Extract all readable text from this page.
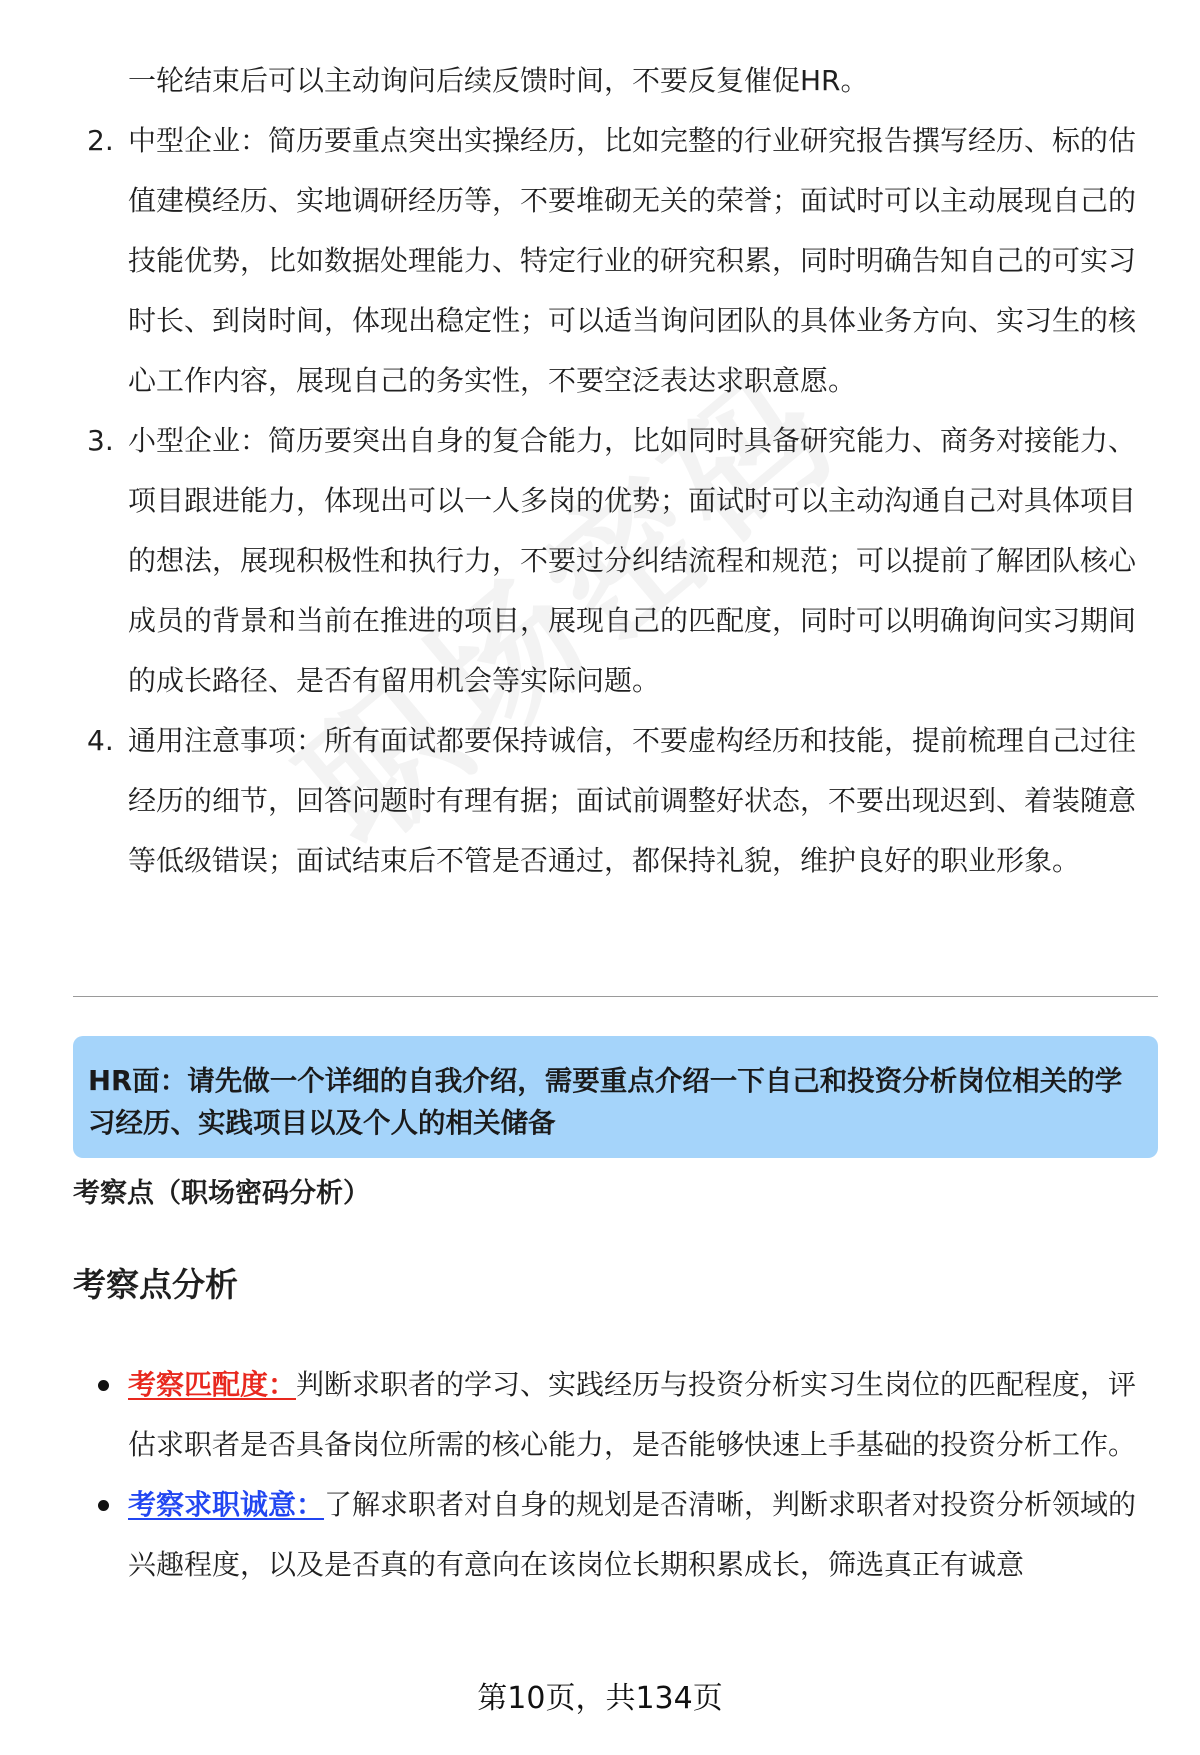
一轮结束后可以主动询问后续反馈时间，不要反复催促HR。
2. 中型企业：简历要重点突出实操经历，比如完整的行业研究报告撰写经历、标的估值建模经历、实地调研经历等，不要堆砌无关的荣誉；面试时可以主动展现自己的技能优势，比如数据处理能力、特定行业的研究积累，同时明确告知自己的可实习时长、到岗时间，体现出稳定性；可以适当询问团队的具体业务方向、实习生的核心工作内容，展现自己的务实性，不要空泛表达求职意愿。
3. 小型企业：简历要突出自身的复合能力，比如同时具备研究能力、商务对接能力、项目跟进能力，体现出可以一人多岗的优势；面试时可以主动沟通自己对具体项目的想法，展现积极性和执行力，不要过分纠结流程和规范；可以提前了解团队核心成员的背景和当前在推进的项目，展现自己的匹配度，同时可以明确询问实习期间的成长路径、是否有留用机会等实际问题。
4. 通用注意事项：所有面试都要保持诚信，不要虚构经历和技能，提前梳理自己过往经历的细节，回答问题时有理有据；面试前调整好状态，不要出现迟到、着装随意等低级错误；面试结束后不管是否通过，都保持礼貌，维护良好的职业形象。
HR面：请先做一个详细的自我介绍，需要重点介绍一下自己和投资分析岗位相关的学习经历、实践项目以及个人的相关储备
考察点（职场密码分析）
考察点分析
考察匹配度：判断求职者的学习、实践经历与投资分析实习生岗位的匹配程度，评估求职者是否具备岗位所需的核心能力，是否能够快速上手基础的投资分析工作。
考察求职诚意：了解求职者对自身的规划是否清晰，判断求职者对投资分析领域的兴趣程度，以及是否真的有意向在该岗位长期积累成长，筛选真正有诚意
第10页，共134页
